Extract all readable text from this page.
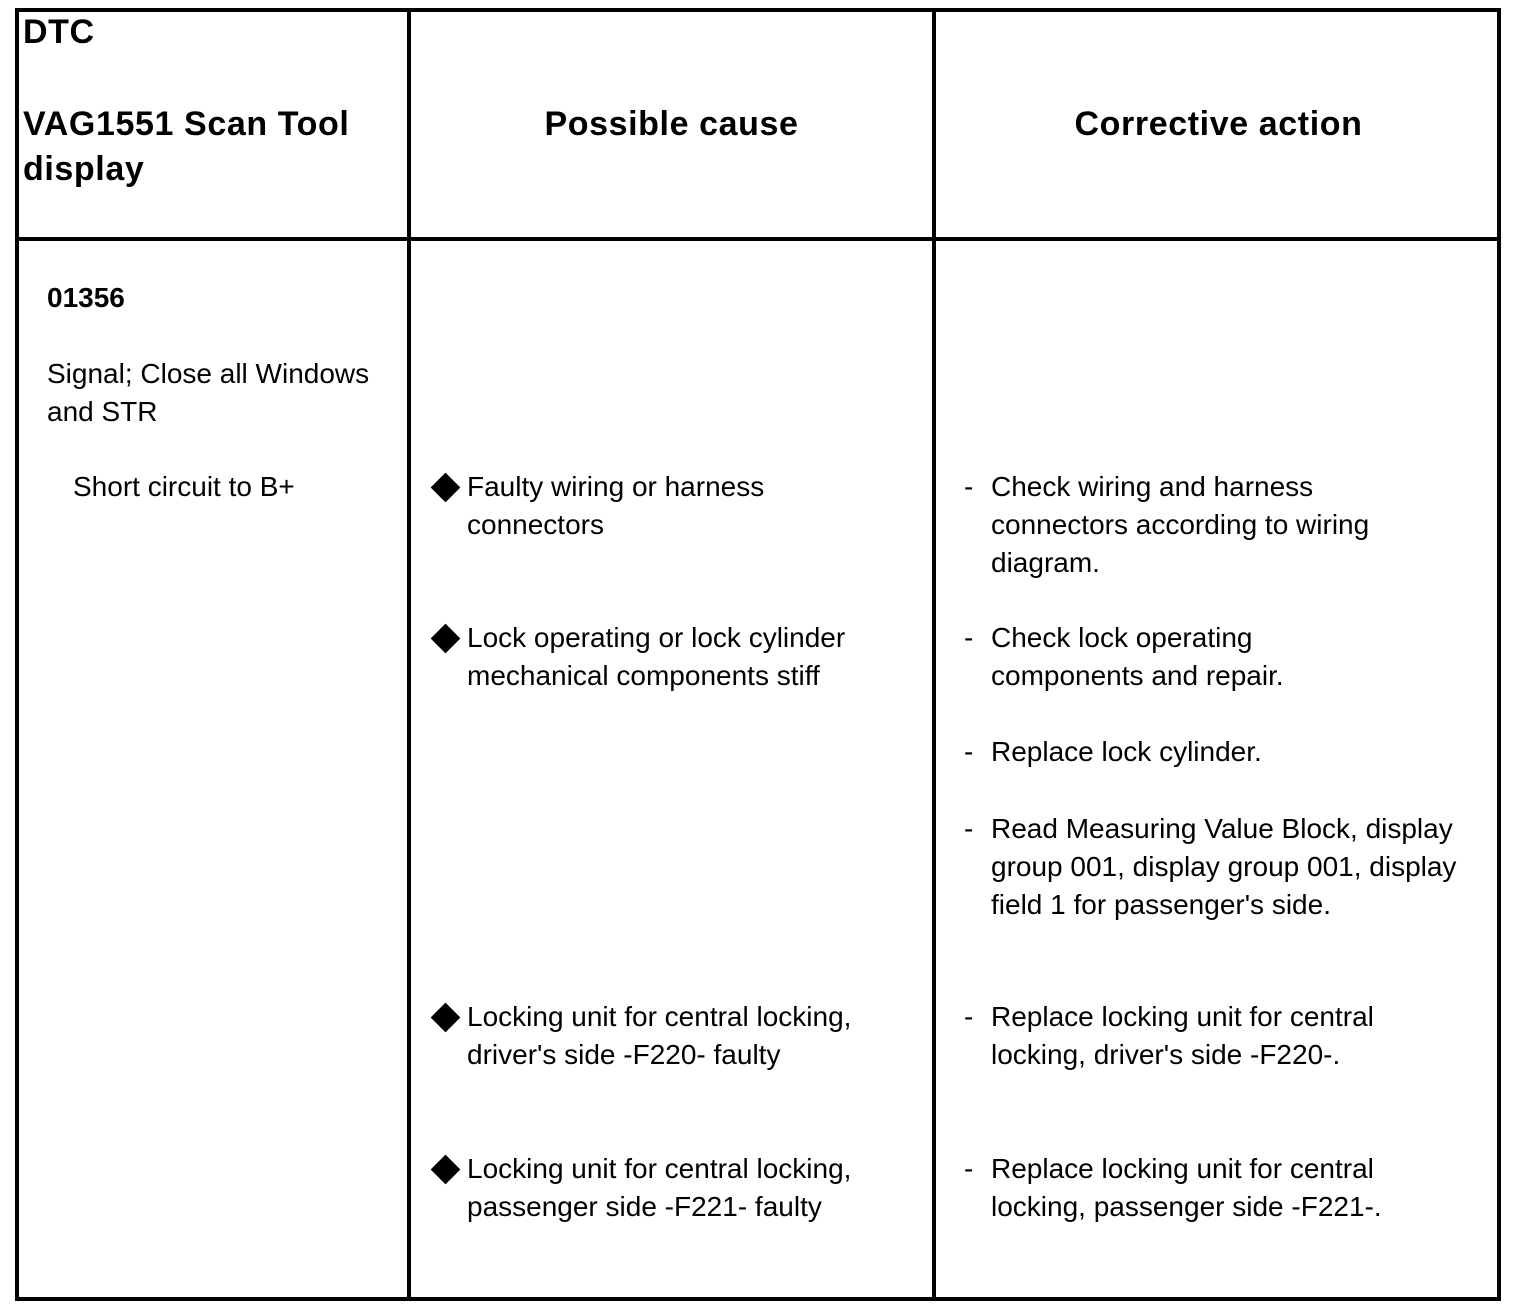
DTC
VAG1551 Scan Tool display
Possible cause	Corrective action
01356
Signal; Close all Windows and STR
Short circuit to B+	Faulty wiring or harness connectors
Lock operating or lock cylinder mechanical components stiff
Locking unit for central locking, driver's side -F220- faulty
Locking unit for central locking, passenger side -F221- faulty
- Check wiring and harness connectors according to wiring diagram.
- Check lock operating components and repair.
- Replace lock cylinder.
- Read Measuring Value Block, display group 001, display group 001, display field 1 for passenger's side.
- Replace locking unit for central locking, driver's side -F220-.
- Replace locking unit for central locking, passenger side -F221-.
